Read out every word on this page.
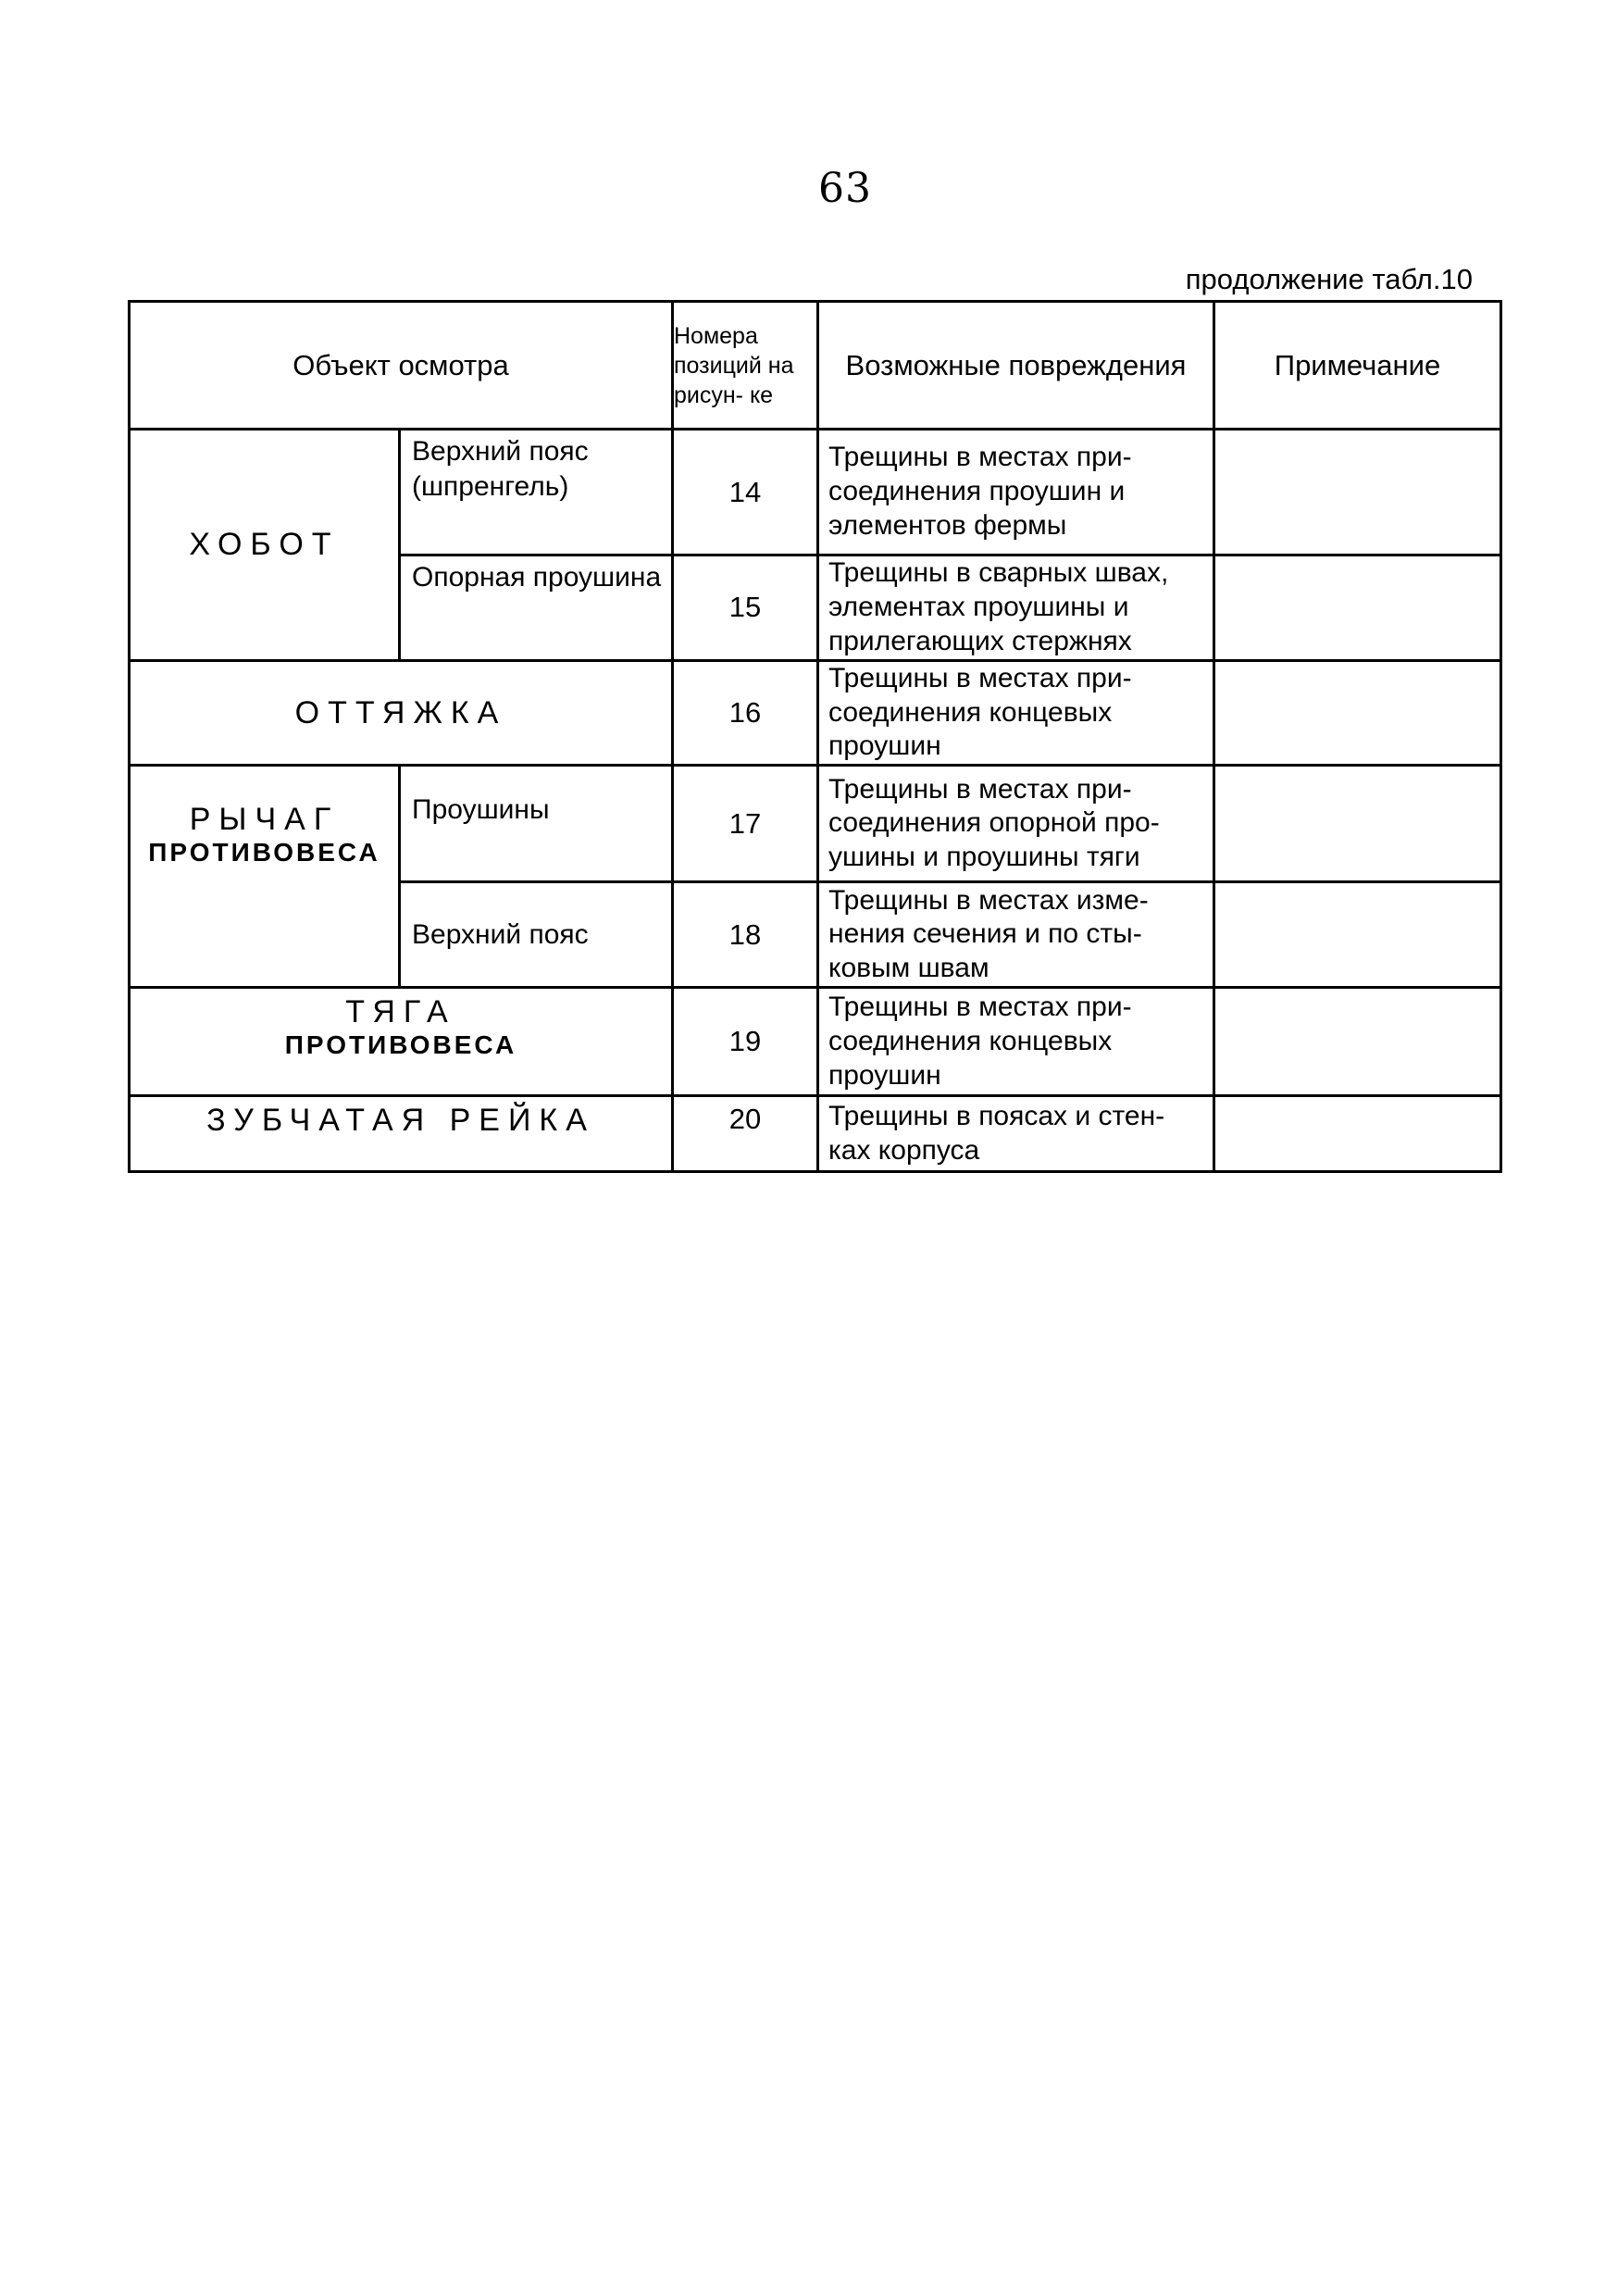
63
продолжение табл.10
Объект осмотра		Номера позиций на рисун- ке	Возможные повреждения	Примечание
ХОБОТ	Верхний пояс (шпренгель)	14	Трещины в местах при- соединения проушин и элементов фермы	
	Опорная проушина	15	Трещины в сварных швах, элементах проушины и прилегающих стержнях	
ОТТЯЖКА		16	Трещины в местах при- соединения концевых проушин	
РЫЧАГ
ПРОТИВОВЕСА	Проушины	17	Трещины в местах при- соединения опорной про- ушины и проушины тяги	
	Верхний пояс	18	Трещины в местах изме- нения сечения и по сты- ковым швам	
ТЯГА
ПРОТИВОВЕСА		19	Трещины в местах при- соединения концевых проушин	
ЗУБЧАТАЯ РЕЙКА		20	Трещины в поясах и стен- ках корпуса	
